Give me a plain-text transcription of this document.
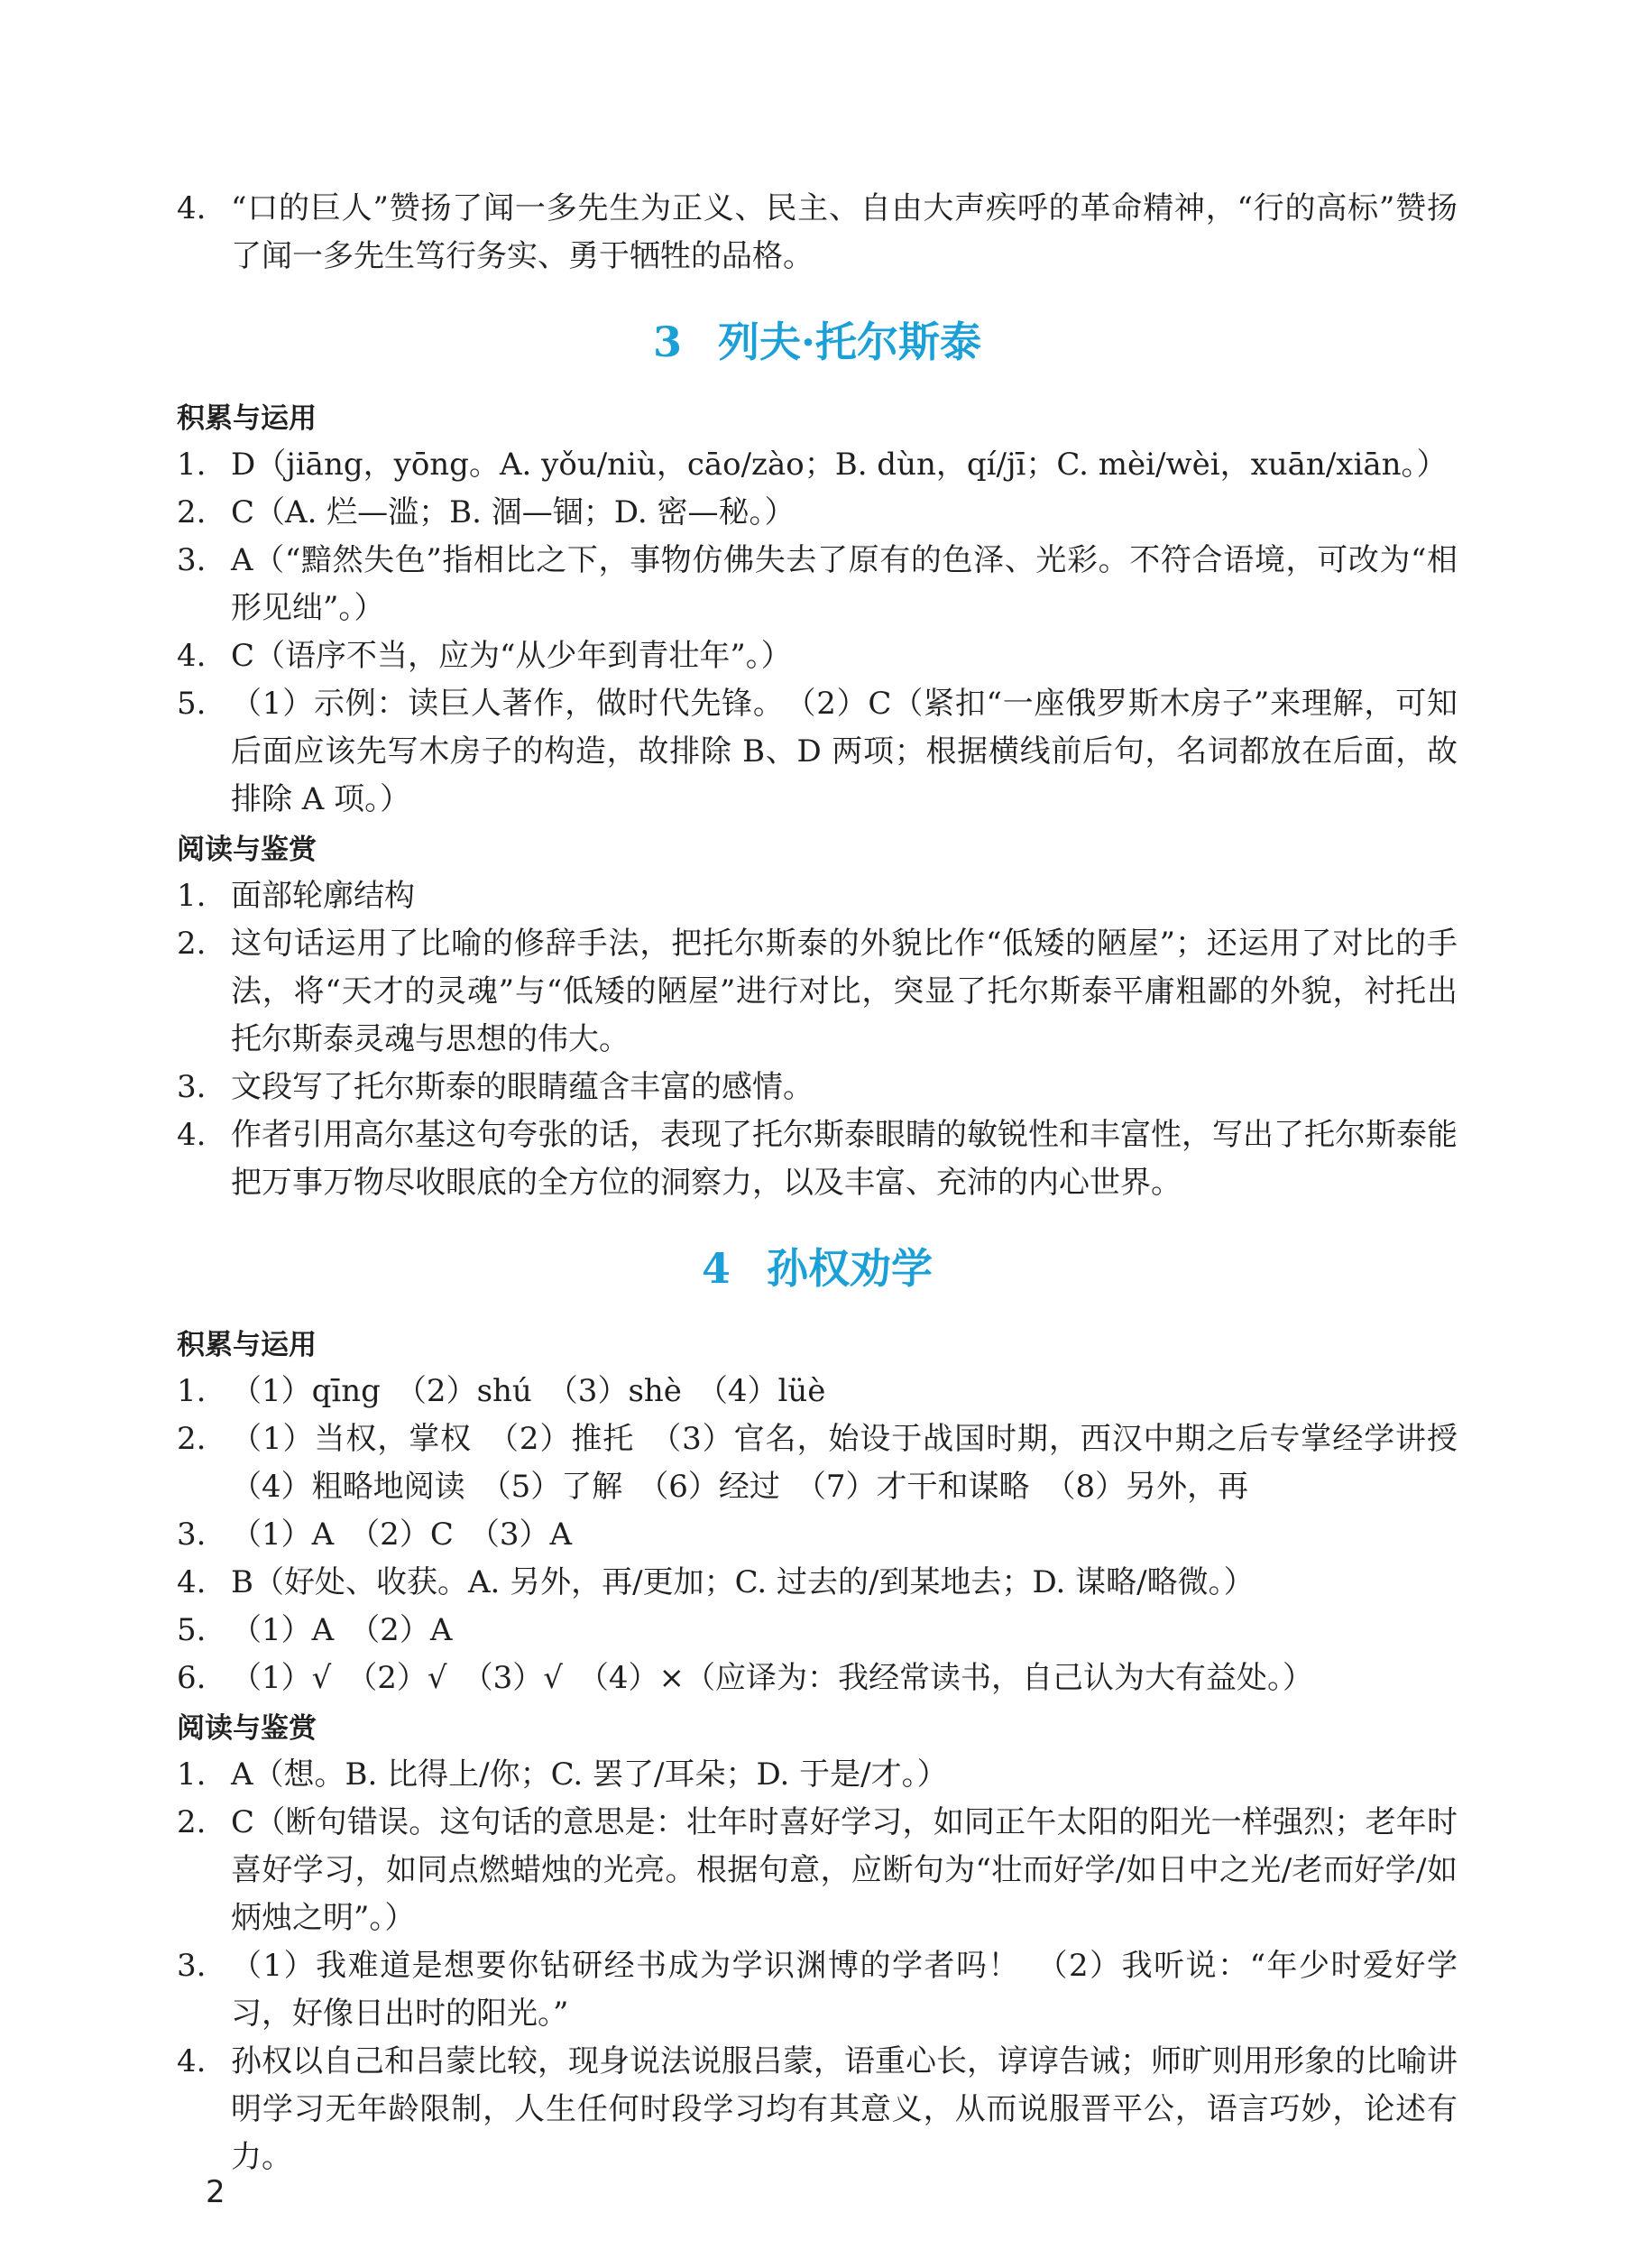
4. “口的巨人”赞扬了闻一多先生为正义、民主、自由大声疾呼的革命精神，“行的高标”赞扬了闻一多先生笃行务实、勇于牺牲的品格。

3 列夫·托尔斯泰
积累与运用

1. D（jiāng，yōng。A. yǒu/niù，cāo/zào；B. dùn，qí/jī；C. mèi/wèi，xuān/xiān。）

2. C（A. 烂—滥；B. 涸—锢；D. 密—秘。）

3. A（“黯然失色”指相比之下，事物仿佛失去了原有的色泽、光彩。不符合语境，可改为“相形见绌”。）

4. C（语序不当，应为“从少年到青壮年”。）

5. （1）示例：读巨人著作，做时代先锋。　（2）C（紧扣“一座俄罗斯木房子”来理解，可知后面应该先写木房子的构造，故排除 B、D 两项；根据横线前后句，名词都放在后面，故排除 A 项。）

阅读与鉴赏

1. 面部轮廓结构

2. 这句话运用了比喻的修辞手法，把托尔斯泰的外貌比作“低矮的陋屋”；还运用了对比的手法，将“天才的灵魂”与“低矮的陋屋”进行对比，突显了托尔斯泰平庸粗鄙的外貌，衬托出托尔斯泰灵魂与思想的伟大。

3. 文段写了托尔斯泰的眼睛蕴含丰富的感情。

4. 作者引用高尔基这句夸张的话，表现了托尔斯泰眼睛的敏锐性和丰富性，写出了托尔斯泰能把万事万物尽收眼底的全方位的洞察力，以及丰富、充沛的内心世界。

4 孙权劝学
积累与运用

1. （1）qīng　（2）shú　（3）shè　（4）lüè

2. （1）当权，掌权　（2）推托　（3）官名，始设于战国时期，西汉中期之后专掌经学讲授　（4）粗略地阅读　（5）了解　（6）经过　（7）才干和谋略　（8）另外，再

3. （1）A　（2）C　（3）A

4. B（好处、收获。A. 另外，再/更加；C. 过去的/到某地去；D. 谋略/略微。）

5. （1）A　（2）A

6. （1）√　（2）√　（3）√　（4）×（应译为：我经常读书，自己认为大有益处。）

阅读与鉴赏

1. A（想。B. 比得上/你；C. 罢了/耳朵；D. 于是/才。）

2. C（断句错误。这句话的意思是：壮年时喜好学习，如同正午太阳的阳光一样强烈；老年时喜好学习，如同点燃蜡烛的光亮。根据句意，应断句为“壮而好学/如日中之光/老而好学/如炳烛之明”。）

3. （1）我难道是想要你钻研经书成为学识渊博的学者吗！　（2）我听说：“年少时爱好学习，好像日出时的阳光。”

4. 孙权以自己和吕蒙比较，现身说法说服吕蒙，语重心长，谆谆告诫；师旷则用形象的比喻讲明学习无年龄限制，人生任何时段学习均有其意义，从而说服晋平公，语言巧妙，论述有力。

2
